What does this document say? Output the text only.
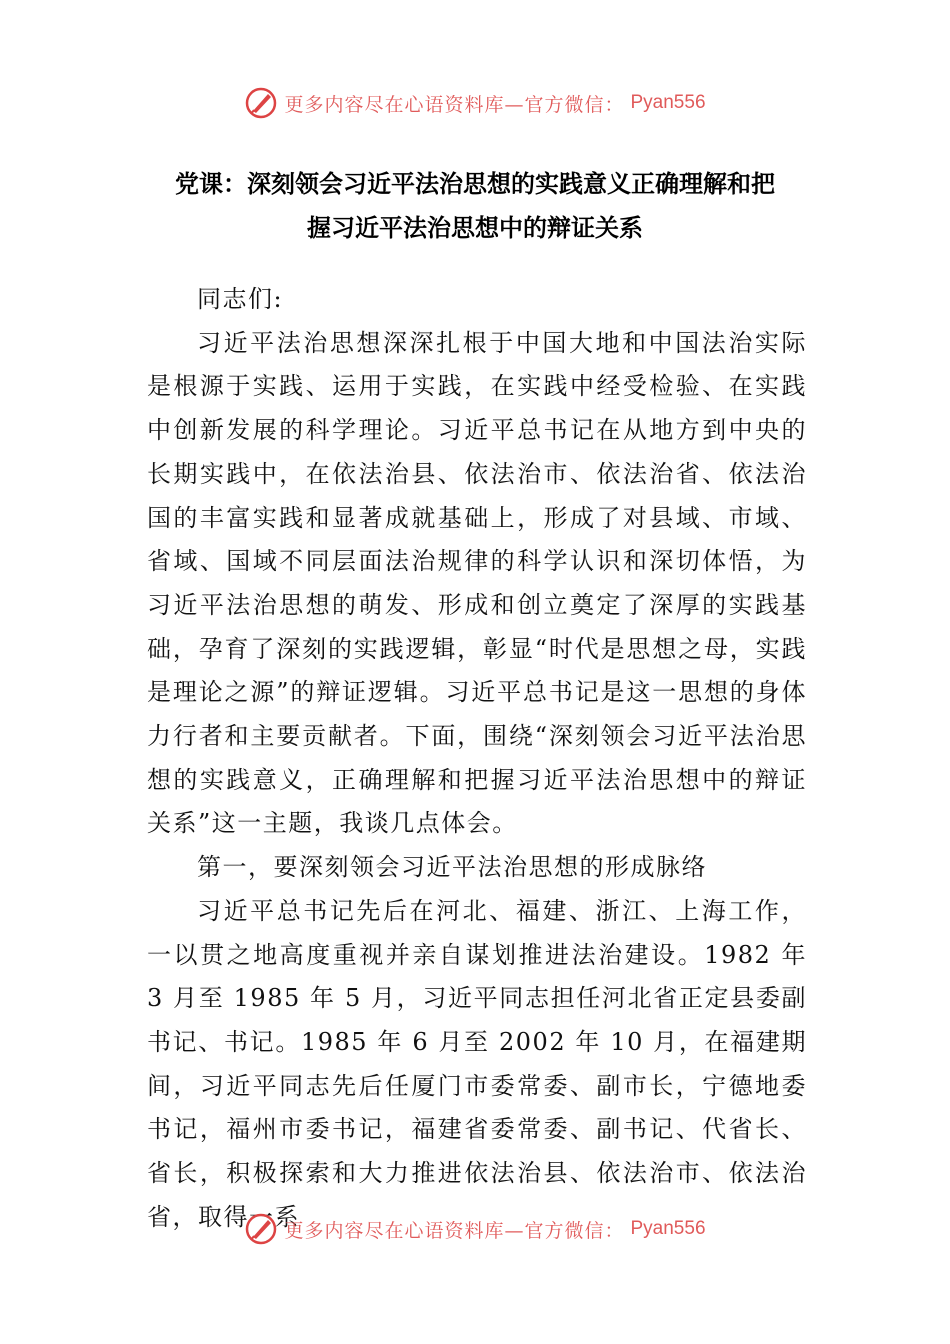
更多内容尽在心语资料库—官方微信： Pyan556
党课：深刻领会习近平法治思想的实践意义正确理解和把
握习近平法治思想中的辩证关系

同志们:

习近平法治思想深深扎根于中国大地和中国法治实际是根源于实践、运用于实践，在实践中经受检验、在实践中创新发展的科学理论。习近平总书记在从地方到中央的长期实践中，在依法治县、依法治市、依法治省、依法治国的丰富实践和显著成就基础上，形成了对县域、市域、省域、国域不同层面法治规律的科学认识和深切体悟，为习近平法治思想的萌发、形成和创立奠定了深厚的实践基础，孕育了深刻的实践逻辑，彰显“时代是思想之母，实践是理论之源”的辩证逻辑。习近平总书记是这一思想的身体力行者和主要贡献者。下面，围绕“深刻领会习近平法治思想的实践意义，正确理解和把握习近平法治思想中的辩证关系”这一主题，我谈几点体会。

第一，要深刻领会习近平法治思想的形成脉络

习近平总书记先后在河北、福建、浙江、上海工作，一以贯之地高度重视并亲自谋划推进法治建设。1982 年 3 月至 1985 年 5 月，习近平同志担任河北省正定县委副书记、书记。1985 年 6 月至 2002 年 10 月，在福建期间，习近平同志先后任厦门市委常委、副市长，宁德地委书记，福州市委书记，福建省委常委、副书记、代省长、省长，积极探索和大力推进依法治县、依法治市、依法治省，取得一系

更多内容尽在心语资料库—官方微信： Pyan556
